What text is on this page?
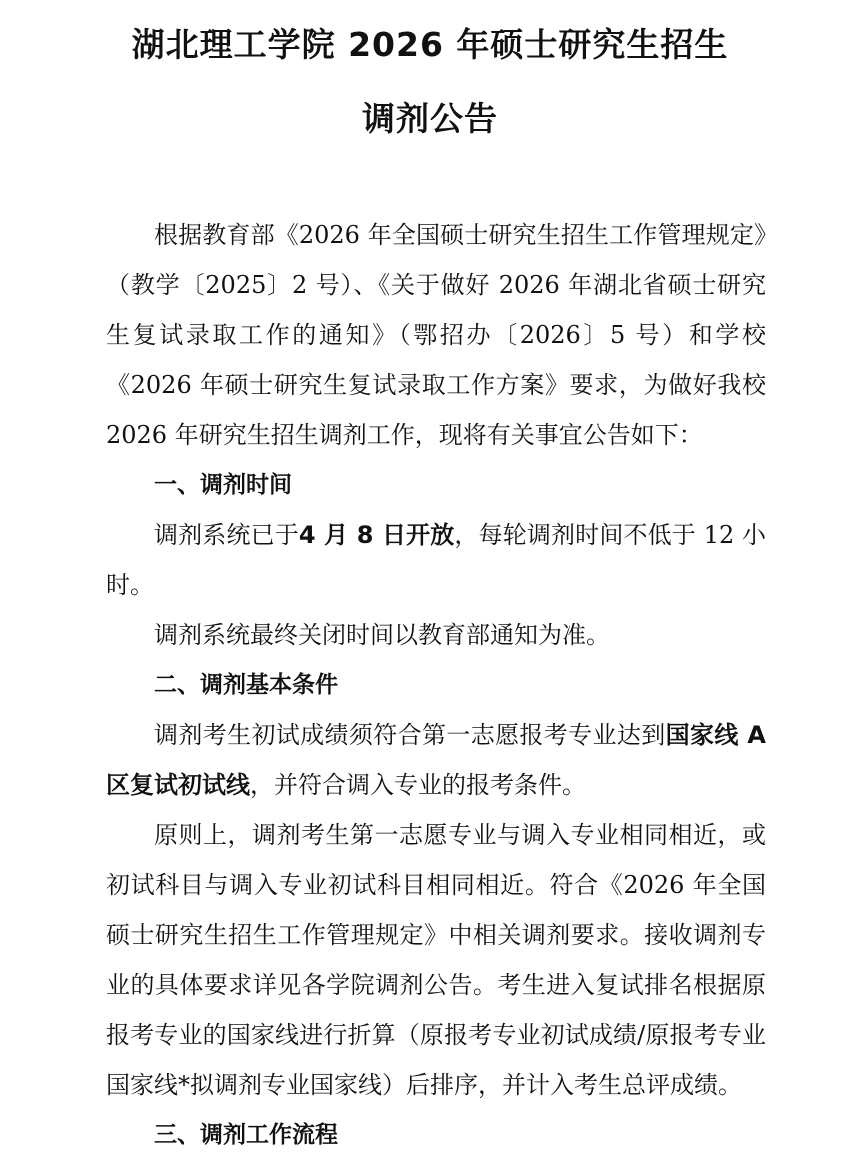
湖北理工学院 2026 年硕士研究生招生
调剂公告

根据教育部《2026 年全国硕士研究生招生工作管理规定》（教学〔2025〕2 号）、《关于做好 2026 年湖北省硕士研究生复试录取工作的通知》（鄂招办〔2026〕5 号）和学校《2026 年硕士研究生复试录取工作方案》要求，为做好我校 2026 年研究生招生调剂工作，现将有关事宜公告如下：

一、调剂时间

调剂系统已于4 月 8 日开放，每轮调剂时间不低于 12 小时。

调剂系统最终关闭时间以教育部通知为准。

二、调剂基本条件

调剂考生初试成绩须符合第一志愿报考专业达到国家线 A 区复试初试线，并符合调入专业的报考条件。

原则上，调剂考生第一志愿专业与调入专业相同相近，或初试科目与调入专业初试科目相同相近。符合《2026 年全国硕士研究生招生工作管理规定》中相关调剂要求。接收调剂专业的具体要求详见各学院调剂公告。考生进入复试排名根据原报考专业的国家线进行折算（原报考专业初试成绩/原报考专业国家线*拟调剂专业国家线）后排序，并计入考生总评成绩。

三、调剂工作流程
